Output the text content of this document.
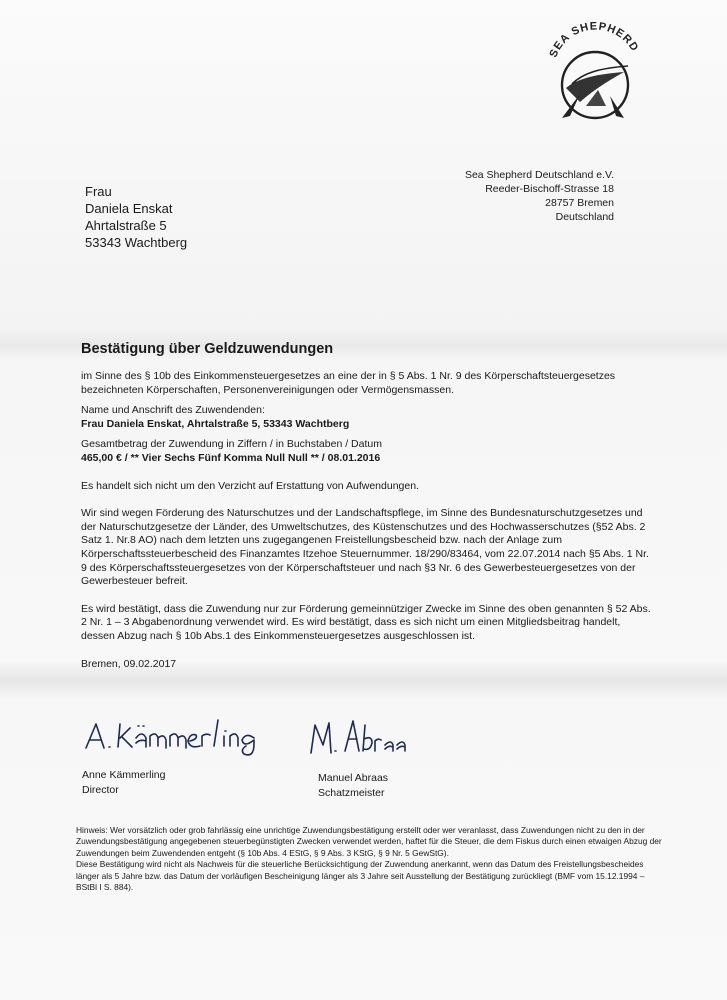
SEA SHEPHERD
Sea Shepherd Deutschland e.V.
Reeder-Bischoff-Strasse 18
28757 Bremen
Deutschland
Frau
Daniela Enskat
Ahrtalstraße 5
53343 Wachtberg
Bestätigung über Geldzuwendungen

im Sinne des § 10b des Einkommensteuergesetzes an eine der in § 5 Abs. 1 Nr. 9 des Körperschaftsteuergesetzes bezeichneten Körperschaften, Personenvereinigungen oder Vermögensmassen.

Name und Anschrift des Zuwendenden:

Frau Daniela Enskat, Ahrtalstraße 5, 53343 Wachtberg

Gesamtbetrag der Zuwendung in Ziffern / in Buchstaben / Datum

465,00 € / ** Vier Sechs Fünf Komma Null Null ** / 08.01.2016

Es handelt sich nicht um den Verzicht auf Erstattung von Aufwendungen.

Wir sind wegen Förderung des Naturschutzes und der Landschaftspflege, im Sinne des Bundesnaturschutzgesetzes und der Naturschutzgesetze der Länder, des Umweltschutzes, des Küstenschutzes und des Hochwasserschutzes (§52 Abs. 2 Satz 1. Nr.8 AO) nach dem letzten uns zugegangenen Freistellungsbescheid bzw. nach der Anlage zum Körperschaftssteuerbescheid des Finanzamtes Itzehoe Steuernummer. 18/290/83464, vom 22.07.2014 nach §5 Abs. 1 Nr. 9 des Körperschaftssteuergesetzes von der Körperschaftsteuer und nach §3 Nr. 6 des Gewerbesteuergesetzes von der Gewerbesteuer befreit.

Es wird bestätigt, dass die Zuwendung nur zur Förderung gemeinnütziger Zwecke im Sinne des oben genannten § 52 Abs. 2 Nr. 1 – 3 Abgabenordnung verwendet wird. Es wird bestätigt, dass es sich nicht um einen Mitgliedsbeitrag handelt, dessen Abzug nach § 10b Abs.1 des Einkommensteuergesetzes ausgeschlossen ist.

Bremen, 09.02.2017

Anne Kämmerling
Director
Manuel Abraas
Schatzmeister

Hinweis: Wer vorsätzlich oder grob fahrlässig eine unrichtige Zuwendungsbestätigung erstellt oder wer veranlasst, dass Zuwendungen nicht zu den in der Zuwendungsbestätigung angegebenen steuerbegünstigten Zwecken verwendet werden, haftet für die Steuer, die dem Fiskus durch einen etwaigen Abzug der Zuwendungen beim Zuwendenden entgeht (§ 10b Abs. 4 EStG, § 9 Abs. 3 KStG, § 9 Nr. 5 GewStG).

Diese Bestätigung wird nicht als Nachweis für die steuerliche Berücksichtigung der Zuwendung anerkannt, wenn das Datum des Freistellungsbescheides länger als 5 Jahre bzw. das Datum der vorläufigen Bescheinigung länger als 3 Jahre seit Ausstellung der Bestätigung zurückliegt (BMF vom 15.12.1994 – BStBl I S. 884).
